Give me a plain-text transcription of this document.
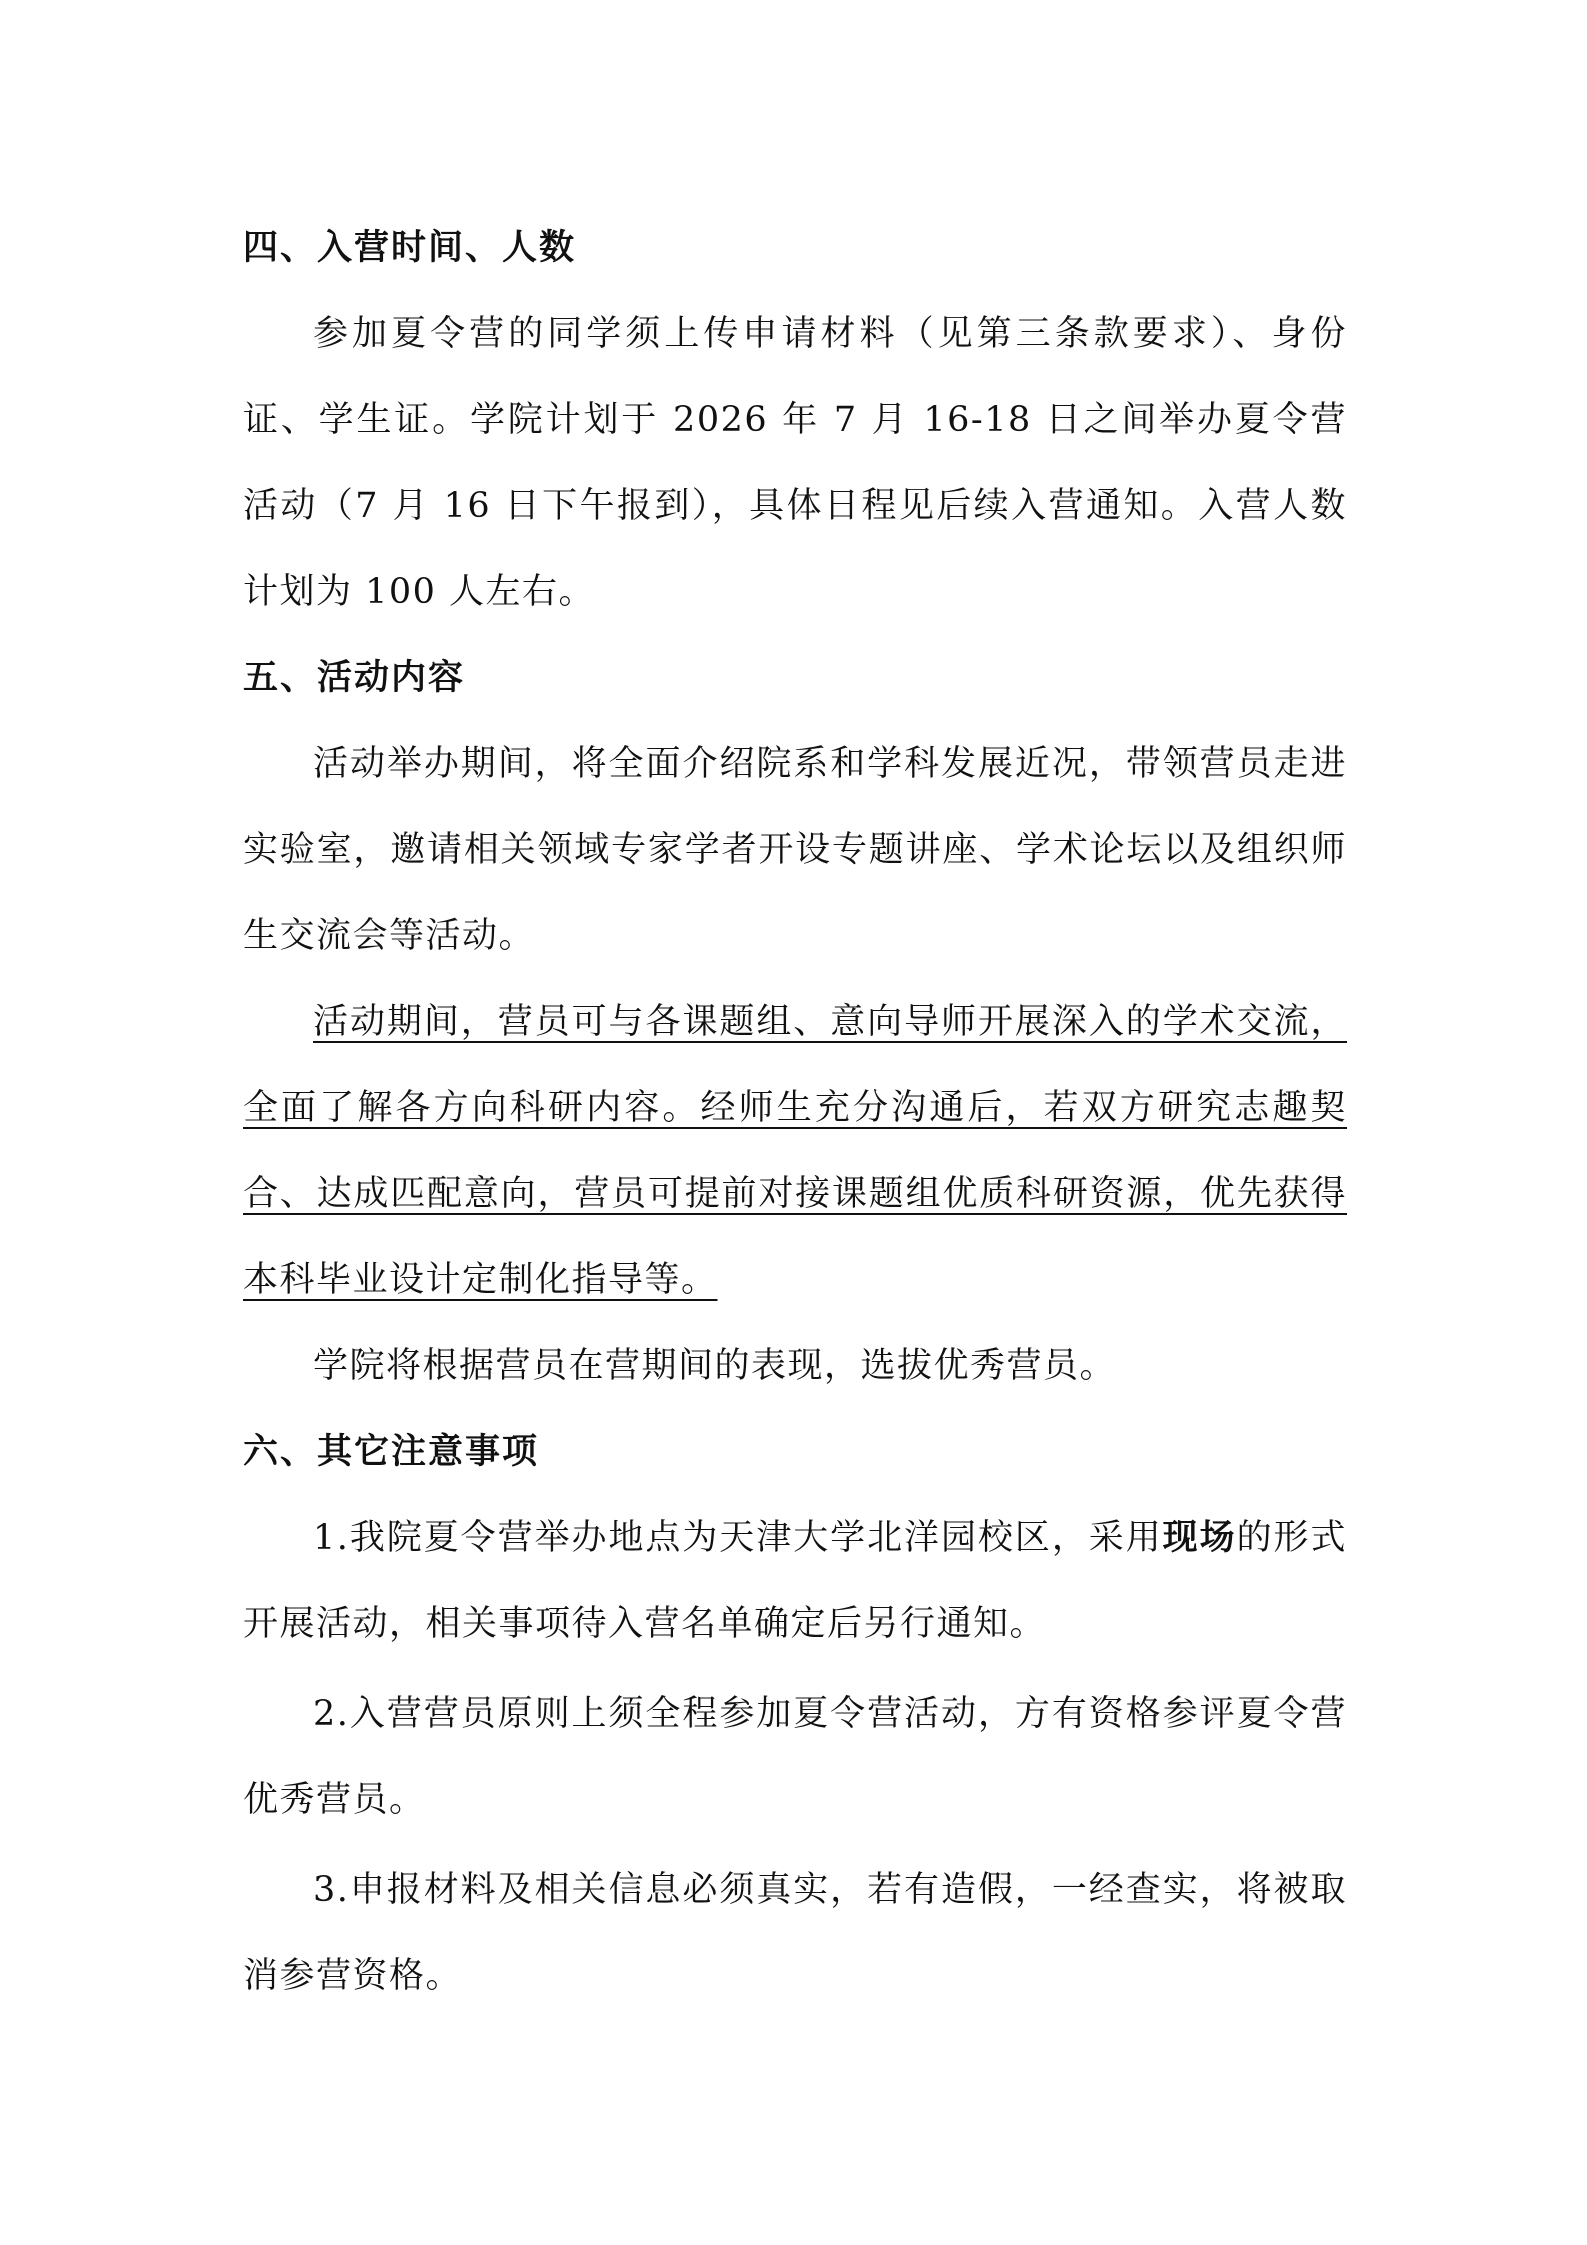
四、入营时间、人数

参加夏令营的同学须上传申请材料（见第三条款要求）、身份证、学生证。学院计划于 2026 年 7 月 16-18 日之间举办夏令营活动（7 月 16 日下午报到），具体日程见后续入营通知。入营人数计划为 100 人左右。

五、活动内容

活动举办期间，将全面介绍院系和学科发展近况，带领营员走进实验室，邀请相关领域专家学者开设专题讲座、学术论坛以及组织师生交流会等活动。

活动期间，营员可与各课题组、意向导师开展深入的学术交流，全面了解各方向科研内容。经师生充分沟通后，若双方研究志趣契合、达成匹配意向，营员可提前对接课题组优质科研资源，优先获得本科毕业设计定制化指导等。

学院将根据营员在营期间的表现，选拔优秀营员。

六、其它注意事项

1.我院夏令营举办地点为天津大学北洋园校区，采用现场的形式开展活动，相关事项待入营名单确定后另行通知。

2.入营营员原则上须全程参加夏令营活动，方有资格参评夏令营优秀营员。

3.申报材料及相关信息必须真实，若有造假，一经查实，将被取消参营资格。
